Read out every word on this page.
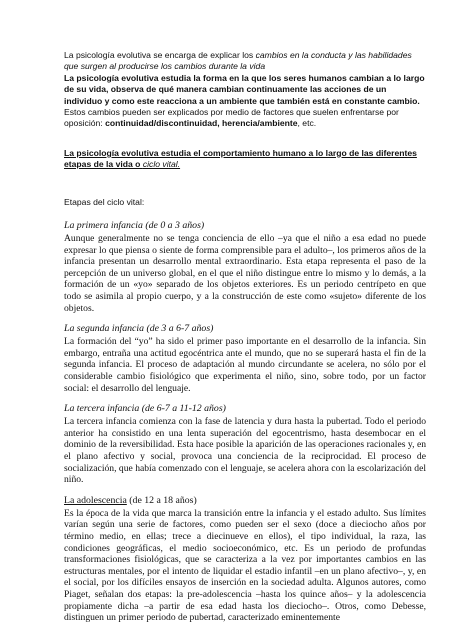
La psicología evolutiva se encarga de explicar los cambios en la conducta y las habilidades que surgen al producirse los cambios durante la vida

La psicología evolutiva estudia la forma en la que los seres humanos cambian a lo largo de su vida, observa de qué manera cambian continuamente las acciones de un individuo y como este reacciona a un ambiente que también está en constante cambio. Estos cambios pueden ser explicados por medio de factores que suelen enfrentarse por oposición: continuidad/discontinuidad, herencia/ambiente, etc.

La psicología evolutiva estudia el comportamiento humano a lo largo de las diferentes etapas de la vida o ciclo vital.

Etapas del ciclo vital:

La primera infancia (de 0 a 3 años)

Aunque generalmente no se tenga conciencia de ello –ya que el niño a esa edad no puede expresar lo que piensa o siente de forma comprensible para el adulto–, los primeros años de la infancia presentan un desarrollo mental extraordinario. Esta etapa representa el paso de la percepción de un universo global, en el que el niño distingue entre lo mismo y lo demás, a la formación de un «yo» separado de los objetos exteriores. Es un periodo centrípeto en que todo se asimila al propio cuerpo, y a la construcción de este como «sujeto» diferente de los objetos.

La segunda infancia (de 3 a 6-7 años)

La formación del “yo” ha sido el primer paso importante en el desarrollo de la infancia. Sin embargo, entraña una actitud egocéntrica ante el mundo, que no se superará hasta el fin de la segunda infancia. El proceso de adaptación al mundo circundante se acelera, no sólo por el considerable cambio fisiológico que experimenta el niño, sino, sobre todo, por un factor social: el desarrollo del lenguaje.

La tercera infancia (de 6-7 a 11-12 años)

La tercera infancia comienza con la fase de latencia y dura hasta la pubertad. Todo el periodo anterior ha consistido en una lenta superación del egocentrismo, hasta desembocar en el dominio de la reversibilidad. Esta hace posible la aparición de las operaciones racionales y, en el plano afectivo y social, provoca una conciencia de la reciprocidad. El proceso de socialización, que había comenzado con el lenguaje, se acelera ahora con la escolarización del niño.

La adolescencia (de 12 a 18 años)

Es la época de la vida que marca la transición entre la infancia y el estado adulto. Sus límites varían según una serie de factores, como pueden ser el sexo (doce a dieciocho años por término medio, en ellas; trece a diecinueve en ellos), el tipo individual, la raza, las condiciones geográficas, el medio socioeconómico, etc. Es un periodo de profundas transformaciones fisiológicas, que se caracteriza a la vez por importantes cambios en las estructuras mentales, por el intento de liquidar el estadio infantil –en un plano afectivo–, y, en el social, por los difíciles ensayos de inserción en la sociedad adulta. Algunos autores, como Piaget, señalan dos etapas: la pre-adolescencia –hasta los quince años– y la adolescencia propiamente dicha –a partir de esa edad hasta los dieciocho–. Otros, como Debesse, distinguen un primer periodo de pubertad, caracterizado eminentemente
